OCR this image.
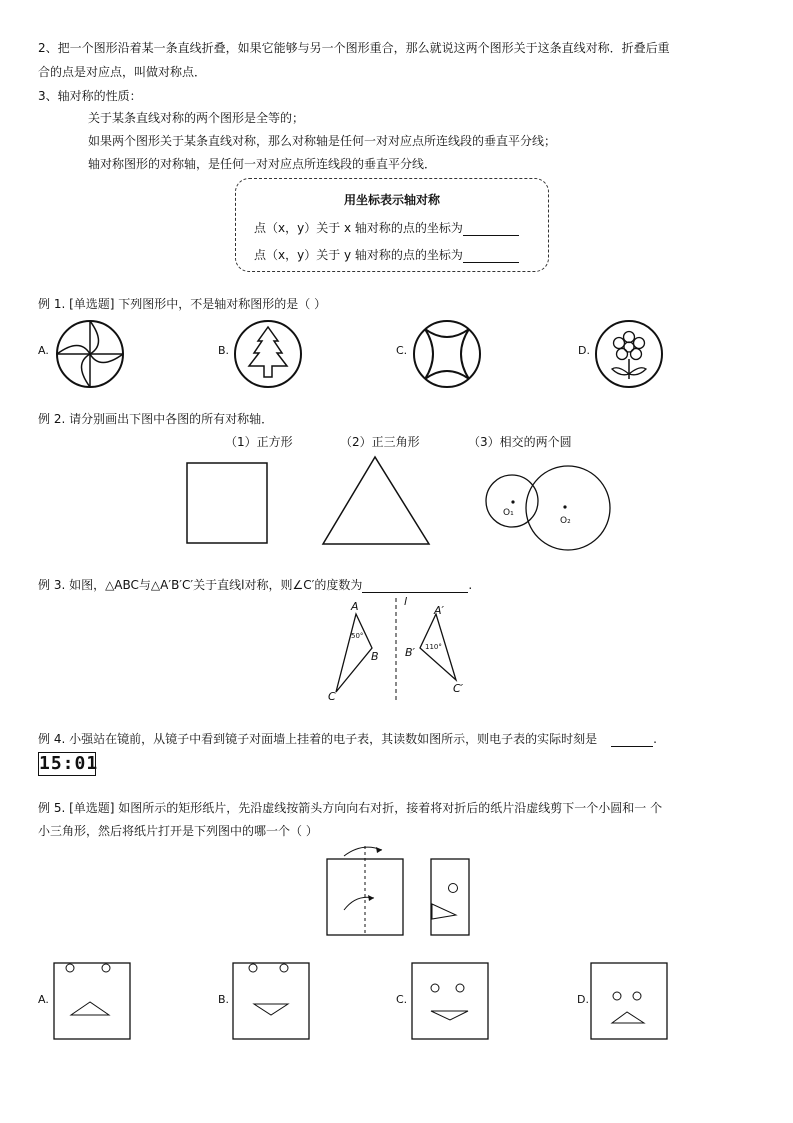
2、把一个图形沿着某一条直线折叠，如果它能够与另一个图形重合，那么就说这两个图形关于这条直线对称．折叠后重
合的点是对应点，叫做对称点．
3、轴对称的性质：
关于某条直线对称的两个图形是全等的；
如果两个图形关于某条直线对称，那么对称轴是任何一对对应点所连线段的垂直平分线；
轴对称图形的对称轴，是任何一对对应点所连线段的垂直平分线．
用坐标表示轴对称
点（x，y）关于 x 轴对称的点的坐标为
点（x，y）关于 y 轴对称的点的坐标为
例 1. [单选题] 下列图形中，不是轴对称图形的是（ ）
A.	B.	C.	D.
例 2. 请分别画出下图中各图的所有对称轴．
（1）正方形	（2）正三角形	（3）相交的两个圆
O₁
O₂
例 3. 如图，△ABC与△A′B′C′关于直线l对称，则∠C′的度数为	.
A
B
C
50°
l
A′
B′
C′
110°
例 4. 小强站在镜前，从镜子中看到镜子对面墙上挂着的电子表，其读数如图所示，则电子表的实际时刻是	.
15:01
例 5. [单选题] 如图所示的矩形纸片，先沿虚线按箭头方向向右对折，接着将对折后的纸片沿虚线剪下一个小圆和一 个
小三角形，然后将纸片打开是下列图中的哪一个（ ）
A.	B.	C.	D.
